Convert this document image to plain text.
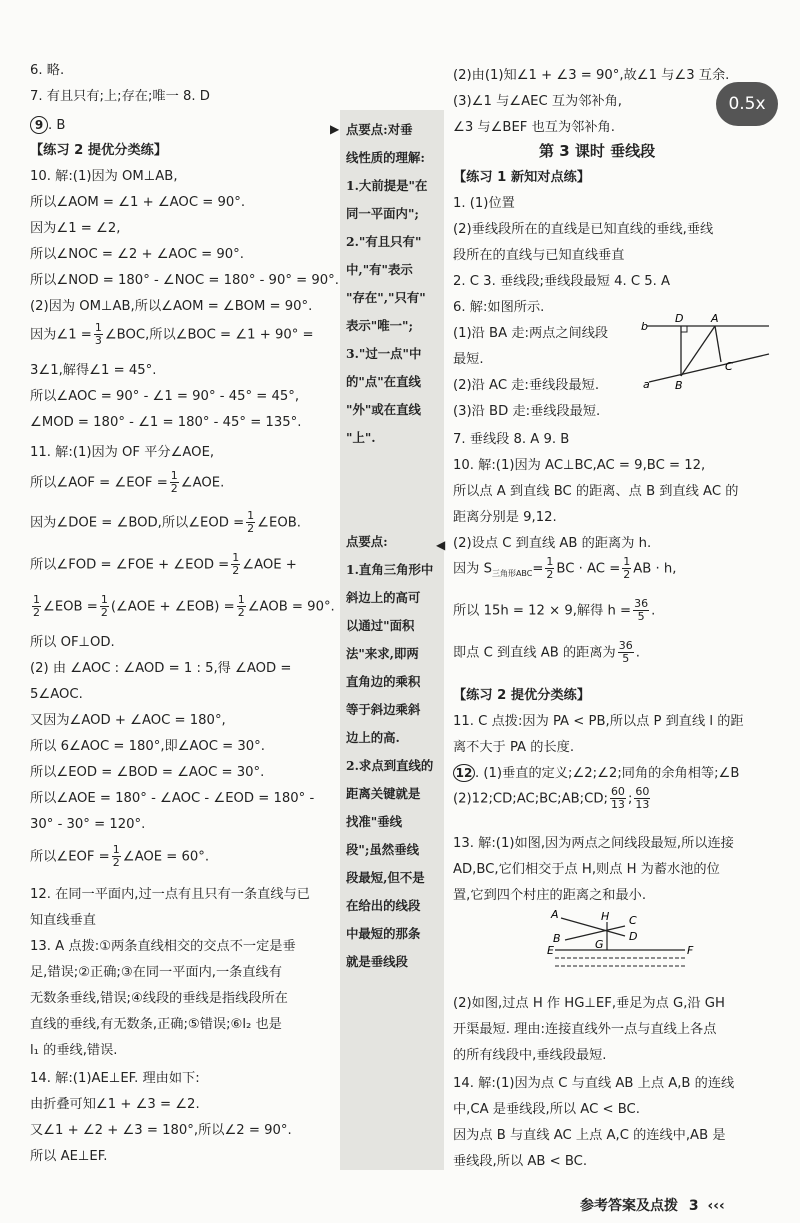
0.5x
6. 略.
7. 有且只有;上;存在;唯一 8. D
9 . B
【练习 2 提优分类练】
10. 解:(1)因为 OM⊥AB,
所以∠AOM = ∠1 + ∠AOC = 90°.
因为∠1 = ∠2,
所以∠NOC = ∠2 + ∠AOC = 90°.
所以∠NOD = 180° - ∠NOC = 180° - 90° = 90°.
(2)因为 OM⊥AB,所以∠AOM = ∠BOM = 90°.
因为∠1 = $\frac{1}{3}$ ∠BOC,所以∠BOC = ∠1 + 90° =
3∠1,解得∠1 = 45°.
所以∠AOC = 90° - ∠1 = 90° - 45° = 45°,
∠MOD = 180° - ∠1 = 180° - 45° = 135°.
11. 解:(1)因为 OF 平分∠AOE,
所以∠AOF = ∠EOF = $\frac{1}{2}$ ∠AOE.
因为∠DOE = ∠BOD,所以∠EOD = $\frac{1}{2}$ ∠EOB.
所以∠FOD = ∠FOE + ∠EOD = $\frac{1}{2}$ ∠AOE +
$\frac{1}{2}$ ∠EOB = $\frac{1}{2}$ (∠AOE + ∠EOB) = $\frac{1}{2}$ ∠AOB = 90°.
所以 OF⊥OD.
(2) 由 ∠AOC : ∠AOD = 1 : 5,得 ∠AOD =
5∠AOC.
又因为∠AOD + ∠AOC = 180°,
所以 6∠AOC = 180°,即∠AOC = 30°.
所以∠EOD = ∠BOD = ∠AOC = 30°.
所以∠AOE = 180° - ∠AOC - ∠EOD = 180° -
30° - 30° = 120°.
所以∠EOF = $\frac{1}{2}$ ∠AOE = 60°.
12. 在同一平面内,过一点有且只有一条直线与已
知直线垂直
13. A 点拨:①两条直线相交的交点不一定是垂
足,错误;②正确;③在同一平面内,一条直线有
无数条垂线,错误;④线段的垂线是指线段所在
直线的垂线,有无数条,正确;⑤错误;⑥l₂ 也是
l₁ 的垂线,错误.
14. 解:(1)AE⊥EF. 理由如下:
由折叠可知∠1 + ∠3 = ∠2.
又∠1 + ∠2 + ∠3 = 180°,所以∠2 = 90°.
所以 AE⊥EF.
▶ 点要点:对垂
线性质的理解:
1.大前提是"在
同一平面内";
2."有且只有"
中,"有"表示
"存在","只有"
表示"唯一";
3."过一点"中
的"点"在直线
"外"或在直线
"上".
◀
点要点:
1.直角三角形中
斜边上的高可
以通过"面积
法"来求,即两
直角边的乘积
等于斜边乘斜
边上的高.
2.求点到直线的
距离关键就是
找准"垂线
段";虽然垂线
段最短,但不是
在给出的线段
中最短的那条
就是垂线段
(2)由(1)知∠1 + ∠3 = 90°,故∠1 与∠3 互余.
(3)∠1 与∠AEC 互为邻补角,
∠3 与∠BEF 也互为邻补角.
第 3 课时 垂线段
【练习 1 新知对点练】
1. (1)位置
(2)垂线段所在的直线是已知直线的垂线,垂线
段所在的直线与已知直线垂直
2. C 3. 垂线段;垂线段最短 4. C 5. A
6. 解:如图所示.
(1)沿 BA 走:两点之间线段
最短.
(2)沿 AC 走:垂线段最短.
(3)沿 BD 走:垂线段最短.
b
a
D	A
B
C
7. 垂线段 8. A 9. B
10. 解:(1)因为 AC⊥BC,AC = 9,BC = 12,
所以点 A 到直线 BC 的距离、点 B 到直线 AC 的
距离分别是 9,12.
(2)设点 C 到直线 AB 的距离为 h.
因为 $S_{三角形ABC}= \frac{1}{2}$ BC · AC = $\frac{1}{2}$ AB · h,
所以 15h = 12 × 9,解得 $h = \frac{36}{5}$ .
即点 C 到直线 AB 的距离为 $\frac{36}{5}$ .
【练习 2 提优分类练】
11. C 点拨:因为 PA < PB,所以点 P 到直线 l 的距
离不大于 PA 的长度.
12 . (1)垂直的定义;∠2;∠2;同角的余角相等;∠B
(2)12;CD;AC;BC;AB;CD; $\frac{60}{13}$ ; $\frac{60}{13}$
13. 解:(1)如图,因为两点之间线段最短,所以连接
AD,BC,它们相交于点 H,则点 H 为蓄水池的位
置,它到四个村庄的距离之和最小.
A	H C
B	G
D
E	F
(2)如图,过点 H 作 HG⊥EF,垂足为点 G,沿 GH
开渠最短. 理由:连接直线外一点与直线上各点
的所有线段中,垂线段最短.
14. 解:(1)因为点 C 与直线 AB 上点 A,B 的连线
中,CA 是垂线段,所以 AC < BC.
因为点 B 与直线 AC 上点 A,C 的连线中,AB 是
垂线段,所以 AB < BC.
参考答案及点拨 3 ‹‹‹
